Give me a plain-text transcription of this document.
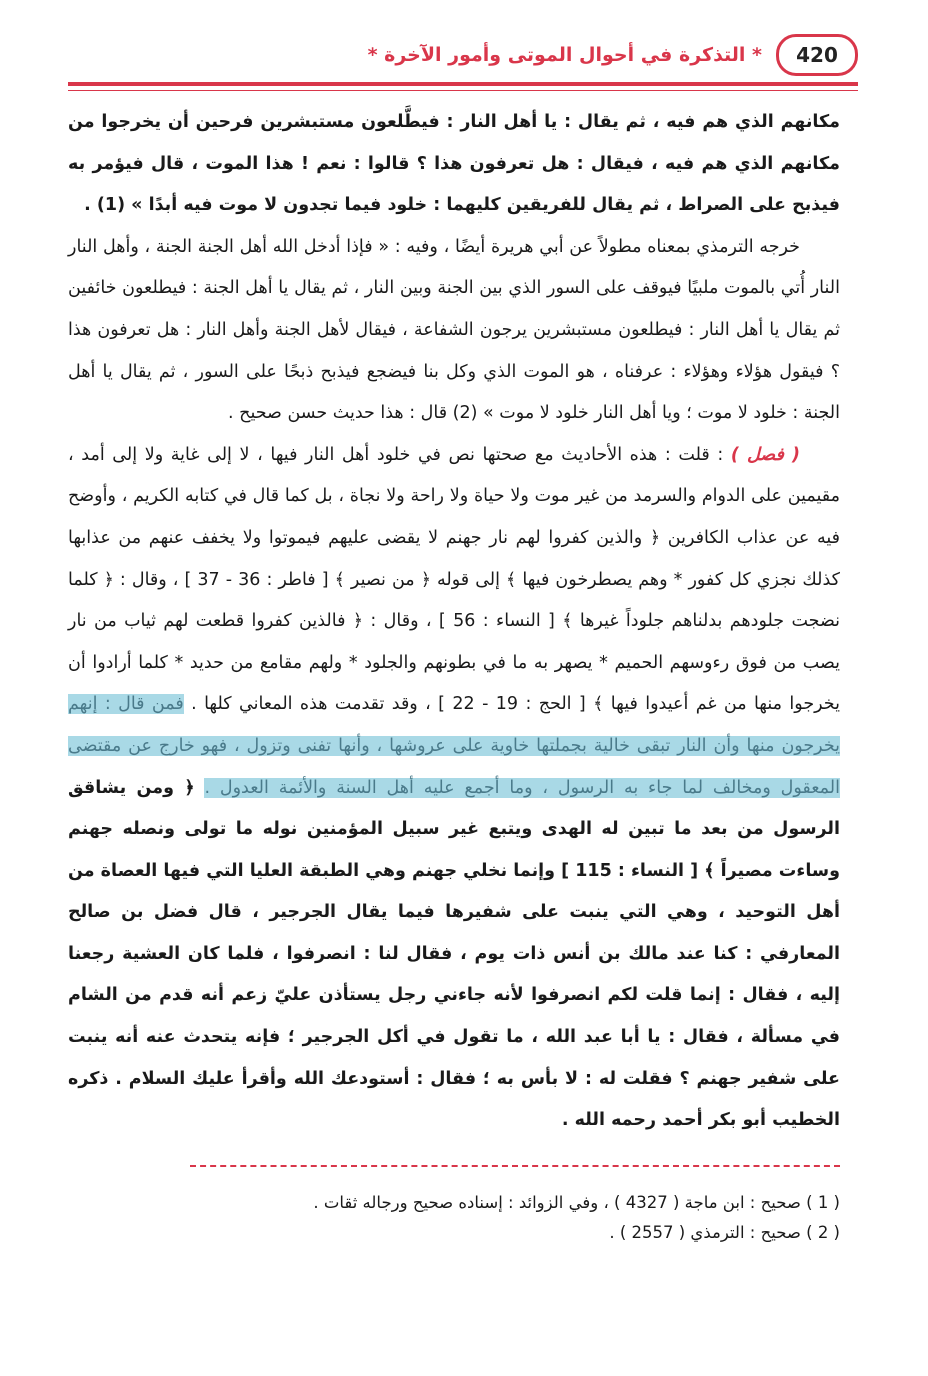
420
* التذكرة في أحوال الموتى وأمور الآخرة *

مكانهم الذي هم فيه ، ثم يقال : يا أهل النار : فيطَّلعون مستبشرين فرحين أن يخرجوا من مكانهم الذي هم فيه ، فيقال : هل تعرفون هذا ؟ قالوا : نعم ! هذا الموت ، قال فيؤمر به فيذبح على الصراط ، ثم يقال للفريقين كليهما : خلود فيما تجدون لا موت فيه أبدًا » (1) .

خرجه الترمذي بمعناه مطولاً عن أبي هريرة أيضًا ، وفيه : « فإذا أدخل الله أهل الجنة الجنة ، وأهل النار النار أُتي بالموت ملبيًا فيوقف على السور الذي بين الجنة وبين النار ، ثم يقال يا أهل الجنة : فيطلعون خائفين ثم يقال يا أهل النار : فيطلعون مستبشرين يرجون الشفاعة ، فيقال لأهل الجنة وأهل النار : هل تعرفون هذا ؟ فيقول هؤلاء وهؤلاء : عرفناه ، هو الموت الذي وكل بنا فيضجع فيذبح ذبحًا على السور ، ثم يقال يا أهل الجنة : خلود لا موت ؛ ويا أهل النار خلود لا موت » (2) قال : هذا حديث حسن صحيح .

( فصل ) : قلت : هذه الأحاديث مع صحتها نص في خلود أهل النار فيها ، لا إلى غاية ولا إلى أمد ، مقيمين على الدوام والسرمد من غير موت ولا حياة ولا راحة ولا نجاة ، بل كما قال في كتابه الكريم ، وأوضح فيه عن عذاب الكافرين ﴿ والذين كفروا لهم نار جهنم لا يقضى عليهم فيموتوا ولا يخفف عنهم من عذابها كذلك نجزي كل كفور * وهم يصطرخون فيها ﴾ إلى قوله ﴿ من نصير ﴾ [ فاطر : 36 - 37 ] ، وقال : ﴿ كلما نضجت جلودهم بدلناهم جلوداً غيرها ﴾ [ النساء : 56 ] ، وقال : ﴿ فالذين كفروا قطعت لهم ثياب من نار يصب من فوق رءوسهم الحميم * يصهر به ما في بطونهم والجلود * ولهم مقامع من حديد * كلما أرادوا أن يخرجوا منها من غم أعيدوا فيها ﴾ [ الحج : 19 - 22 ] ، وقد تقدمت هذه المعاني كلها . فمن قال : إنهم يخرجون منها وأن النار تبقى خالية بجملتها خاوية على عروشها ، وأنها تفنى وتزول ، فهو خارج عن مقتضى المعقول ومخالف لما جاء به الرسول ، وما أجمع عليه أهل السنة والأئمة العدول . ﴿ ومن يشاقق الرسول من بعد ما تبين له الهدى ويتبع غير سبيل المؤمنين نوله ما تولى ونصله جهنم وساءت مصيراً ﴾ [ النساء : 115 ] وإنما نخلي جهنم وهي الطبقة العليا التي فيها العصاة من أهل التوحيد ، وهي التي ينبت على شفيرها فيما يقال الجرجير ، قال فضل بن صالح المعارفي : كنا عند مالك بن أنس ذات يوم ، فقال لنا : انصرفوا ، فلما كان العشية رجعنا إليه ، فقال : إنما قلت لكم انصرفوا لأنه جاءني رجل يستأذن عليّ زعم أنه قدم من الشام في مسألة ، فقال : يا أبا عبد الله ، ما تقول في أكل الجرجير ؛ فإنه يتحدث عنه أنه ينبت على شفير جهنم ؟ فقلت له : لا بأس به ؛ فقال : أستودعك الله وأقرأ عليك السلام . ذكره الخطيب أبو بكر أحمد رحمه الله .

( 1 ) صحيح : ابن ماجة ( 4327 ) ، وفي الزوائد : إسناده صحيح ورجاله ثقات .

( 2 ) صحيح : الترمذي ( 2557 ) .
